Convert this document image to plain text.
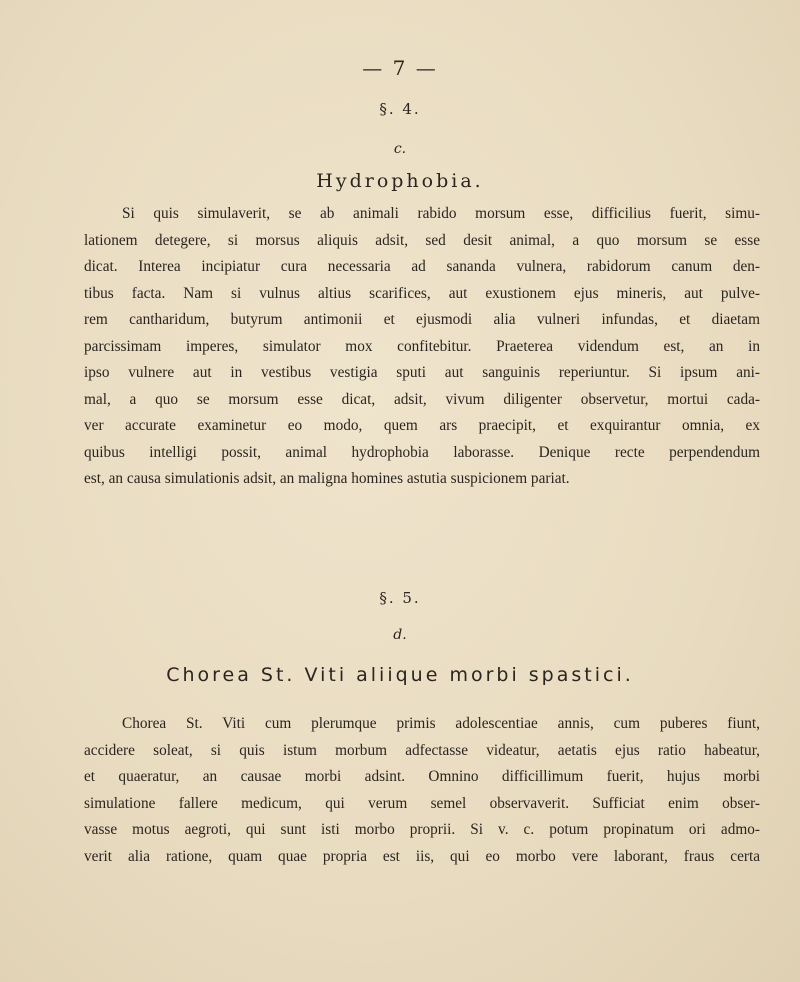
— 7 —
§. 4.
c.
Hydrophobia.
Si quis simulaverit, se ab animali rabido morsum esse, difficilius fuerit, simu-
lationem detegere, si morsus aliquis adsit, sed desit animal, a quo morsum se esse
dicat. Interea incipiatur cura necessaria ad sananda vulnera, rabidorum canum den-
tibus facta. Nam si vulnus altius scarifices, aut exustionem ejus mineris, aut pulve-
rem cantharidum, butyrum antimonii et ejusmodi alia vulneri infundas, et diaetam
parcissimam imperes, simulator mox confitebitur. Praeterea videndum est, an in
ipso vulnere aut in vestibus vestigia sputi aut sanguinis reperiuntur. Si ipsum ani-
mal, a quo se morsum esse dicat, adsit, vivum diligenter observetur, mortui cada-
ver accurate examinetur eo modo, quem ars praecipit, et exquirantur omnia, ex
quibus intelligi possit, animal hydrophobia laborasse. Denique recte perpendendum
est, an causa simulationis adsit, an maligna homines astutia suspicionem pariat.
§. 5.
d.
Chorea St. Viti aliique morbi spastici.
Chorea St. Viti cum plerumque primis adolescentiae annis, cum puberes fiunt,
accidere soleat, si quis istum morbum adfectasse videatur, aetatis ejus ratio habeatur,
et quaeratur, an causae morbi adsint. Omnino difficillimum fuerit, hujus morbi
simulatione fallere medicum, qui verum semel observaverit. Sufficiat enim obser-
vasse motus aegroti, qui sunt isti morbo proprii. Si v. c. potum propinatum ori admo-
verit alia ratione, quam quae propria est iis, qui eo morbo vere laborant, fraus certa
